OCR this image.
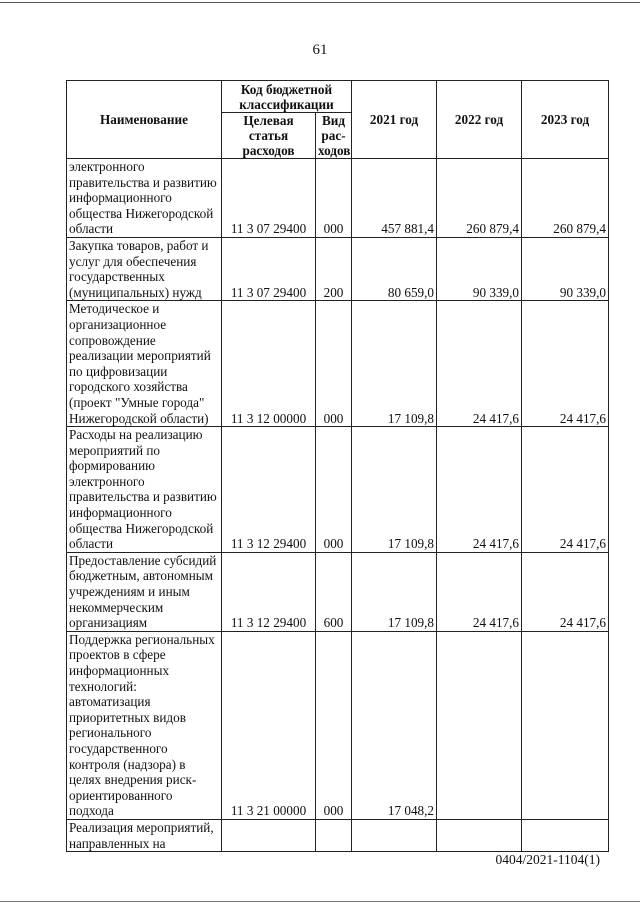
61
Наименование	Код бюджетной классификации		2021 год	2022 год	2023 год
	Целевая статья расходов	Вид рас-ходов			
электронного правительства и развитию информационного общества Нижегородской области	11 3 07 29400	000	457 881,4	260 879,4	260 879,4
Закупка товаров, работ и услуг для обеспечения государственных (муниципальных) нужд	11 3 07 29400	200	80 659,0	90 339,0	90 339,0
Методическое и организационное сопровождение реализации мероприятий по цифровизации городского хозяйства (проект "Умные города" Нижегородской области)	11 3 12 00000	000	17 109,8	24 417,6	24 417,6
Расходы на реализацию мероприятий по формированию электронного правительства и развитию информационного общества Нижегородской области	11 3 12 29400	000	17 109,8	24 417,6	24 417,6
Предоставление субсидий бюджетным, автономным учреждениям и иным некоммерческим организациям	11 3 12 29400	600	17 109,8	24 417,6	24 417,6
Поддержка региональных проектов в сфере информационных технологий: автоматизация приоритетных видов регионального государственного контроля (надзора) в целях внедрения риск-ориентированного подхода	11 3 21 00000	000	17 048,2		
Реализация мероприятий, направленных на					
0404/2021-1104(1)
